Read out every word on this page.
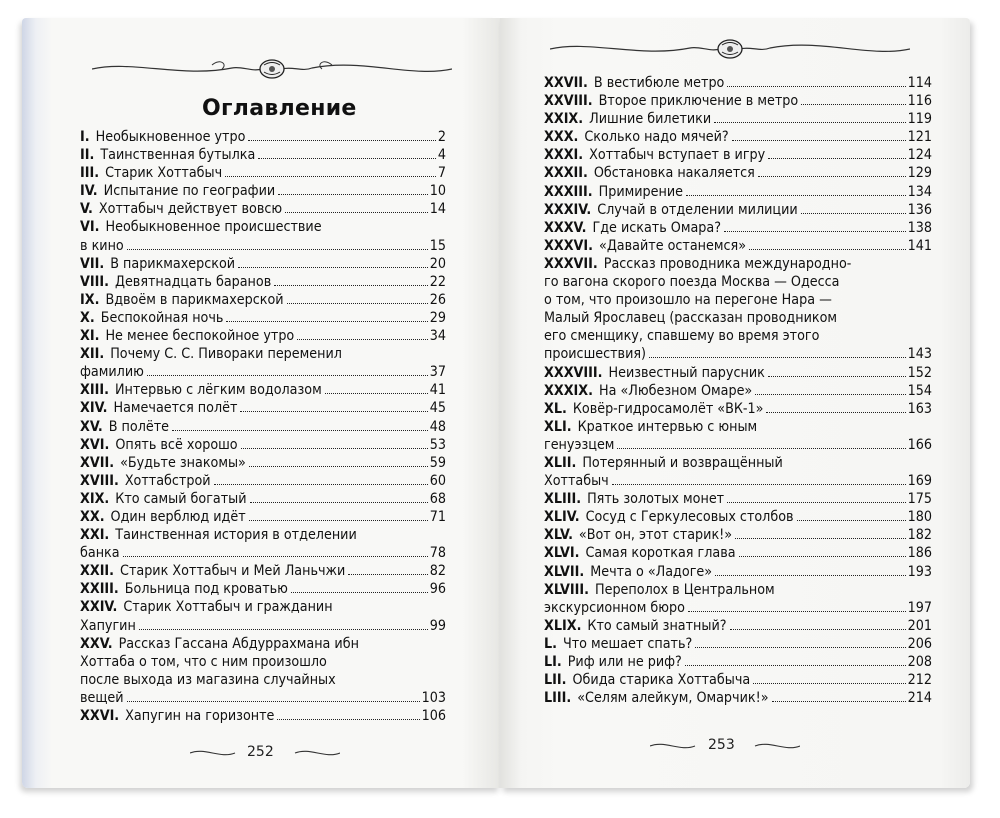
Оглавление
I. Необыкновенное утро	2
II. Таинственная бутылка	4
III. Старик Хоттабыч	7
IV. Испытание по географии	10
V. Хоттабыч действует вовсю	14
VI. Необыкновенное происшествие
в кино	15
VII. В парикмахерской	20
VIII. Девятнадцать баранов	22
IX. Вдвоём в парикмахерской	26
X. Беспокойная ночь	29
XI. Не менее беспокойное утро	34
XII. Почему С. С. Пивораки переменил
фамилию	37
XIII. Интервью с лёгким водолазом	41
XIV. Намечается полёт	45
XV. В полёте	48
XVI. Опять всё хорошо	53
XVII. «Будьте знакомы»	59
XVIII. Хоттабстрой	60
XIX. Кто самый богатый	68
XX. Один верблюд идёт	71
XXI. Таинственная история в отделении
банка	78
XXII. Старик Хоттабыч и Мей Ланьчжи	82
XXIII. Больница под кроватью	96
XXIV. Старик Хоттабыч и гражданин
Хапугин	99
XXV. Рассказ Гассана Абдуррахмана ибн
Хоттаба о том, что с ним произошло
после выхода из магазина случайных
вещей	103
XXVI. Хапугин на горизонте	106
252
XXVII. В вестибюле метро	114
XXVIII. Второе приключение в метро	116
XXIX. Лишние билетики	119
XXX. Сколько надо мячей?	121
XXXI. Хоттабыч вступает в игру	124
XXXII. Обстановка накаляется	129
XXXIII. Примирение	134
XXXIV. Случай в отделении милиции	136
XXXV. Где искать Омара?	138
XXXVI. «Давайте останемся»	141
XXXVII. Рассказ проводника международно-
го вагона скорого поезда Москва — Одесса
о том, что произошло на перегоне Нара —
Малый Ярославец (рассказан проводником
его сменщику, спавшему во время этого
происшествия)	143
XXXVIII. Неизвестный парусник	152
XXXIX. На «Любезном Омаре»	154
XL. Ковёр-гидросамолёт «ВК-1»	163
XLI. Краткое интервью с юным
генуэзцем	166
XLII. Потерянный и возвращённый
Хоттабыч	169
XLIII. Пять золотых монет	175
XLIV. Сосуд с Геркулесовых столбов	180
XLV. «Вот он, этот старик!»	182
XLVI. Самая короткая глава	186
XLVII. Мечта о «Ладоге»	193
XLVIII. Переполох в Центральном
экскурсионном бюро	197
XLIX. Кто самый знатный?	201
L. Что мешает спать?	206
LI. Риф или не риф?	208
LII. Обида старика Хоттабыча	212
LIII. «Селям алейкум, Омарчик!»	214
253
